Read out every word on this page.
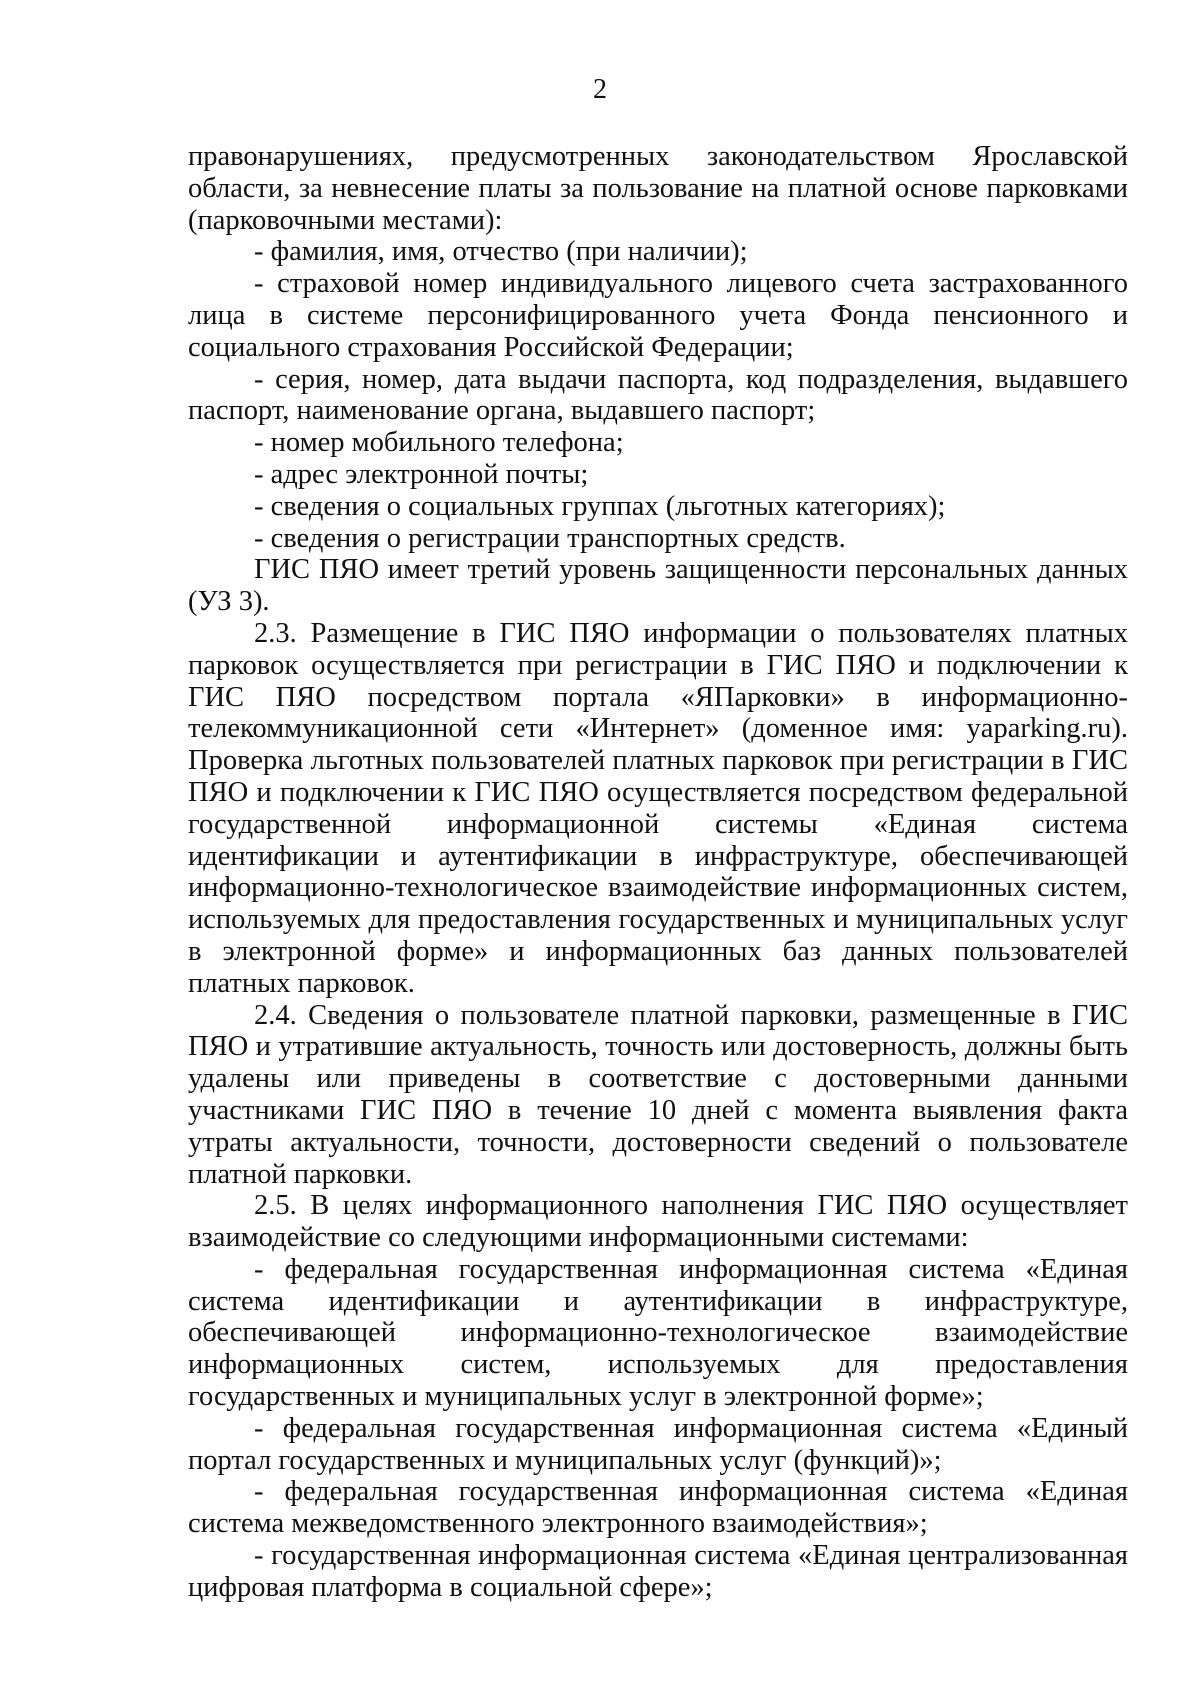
2

правонарушениях, предусмотренных законодательством Ярославской области, за невнесение платы за пользование на платной основе парковками (парковочными местами):

- фамилия, имя, отчество (при наличии);

- страховой номер индивидуального лицевого счета застрахованного лица в системе персонифицированного учета Фонда пенсионного и социального страхования Российской Федерации;

- серия, номер, дата выдачи паспорта, код подразделения, выдавшего паспорт, наименование органа, выдавшего паспорт;

- номер мобильного телефона;

- адрес электронной почты;

- сведения о социальных группах (льготных категориях);

- сведения о регистрации транспортных средств.

ГИС ПЯО имеет третий уровень защищенности персональных данных (УЗ 3).

2.3. Размещение в ГИС ПЯО информации о пользователях платных парковок осуществляется при регистрации в ГИС ПЯО и подключении к ГИС ПЯО посредством портала «ЯПарковки» в информационно-телекоммуникационной сети «Интернет» (доменное имя: yaparking.ru). Проверка льготных пользователей платных парковок при регистрации в ГИС ПЯО и подключении к ГИС ПЯО осуществляется посредством федеральной государственной информационной системы «Единая система идентификации и аутентификации в инфраструктуре, обеспечивающей информационно-технологическое взаимодействие информационных систем, используемых для предоставления государственных и муниципальных услуг в электронной форме» и информационных баз данных пользователей платных парковок.

2.4. Сведения о пользователе платной парковки, размещенные в ГИС ПЯО и утратившие актуальность, точность или достоверность, должны быть удалены или приведены в соответствие с достоверными данными участниками ГИС ПЯО в течение 10 дней с момента выявления факта утраты актуальности, точности, достоверности сведений о пользователе платной парковки.

2.5. В целях информационного наполнения ГИС ПЯО осуществляет взаимодействие со следующими информационными системами:

- федеральная государственная информационная система «Единая система идентификации и аутентификации в инфраструктуре, обеспечивающей информационно-технологическое взаимодействие информационных систем, используемых для предоставления государственных и муниципальных услуг в электронной форме»;

- федеральная государственная информационная система «Единый портал государственных и муниципальных услуг (функций)»;

- федеральная государственная информационная система «Единая система межведомственного электронного взаимодействия»;

- государственная информационная система «Единая централизованная цифровая платформа в социальной сфере»;
